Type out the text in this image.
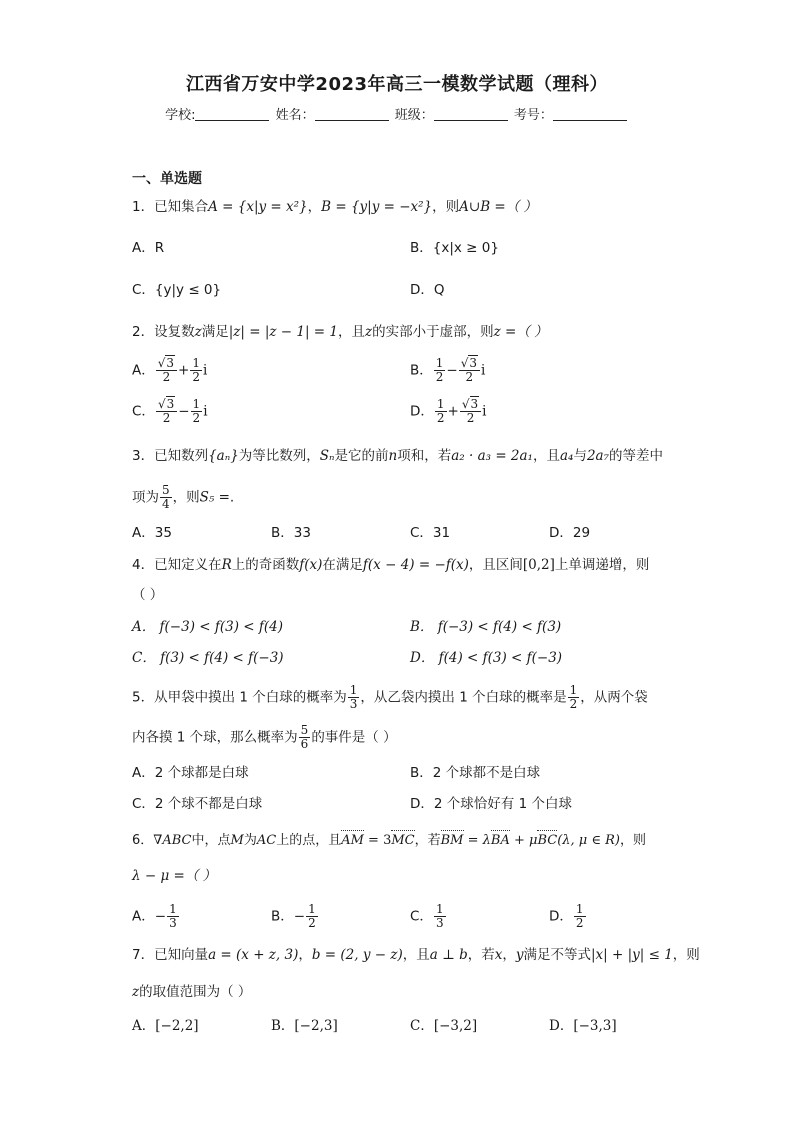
江西省万安中学2023年高三一模数学试题（理科）
学校:	姓名：	班级：	考号：
一、单选题
1．已知集合A = {x|y = x²}，B = {y|y = −x²}，则A∪B =（ ）
A．R	B．{x|x ≥ 0}
C．{y|y ≤ 0}	D．Q
2．设复数z满足|z| = |z − 1| = 1，且z的实部小于虚部，则z =（ ）
A． $\frac{√3}{2} + \frac{1}{2}$ i	B． $\frac{1}{2} - \frac{√3}{2}$ i
C． $\frac{√3}{2} - \frac{1}{2}$ i	D． $\frac{1}{2} + \frac{√3}{2}$ i
3．已知数列{aₙ}为等比数列，Sₙ是它的前n项和，若a₂ · a₃ = 2a₁，且a₄与2a₇的等差中
项为 $\frac{5}{4}$ ，则S₅ =.
A．35	B．33	C．31	D．29
4．已知定义在R上的奇函数f(x)在满足f(x − 4) = −f(x)，且区间[0,2]上单调递增，则
（ ）
A． f(−3) < f(3) < f(4)	B． f(−3) < f(4) < f(3)
C． f(3) < f(4) < f(−3)	D． f(4) < f(3) < f(−3)
5．从甲袋中摸出 1 个白球的概率为 $\frac{1}{3}$ ，从乙袋内摸出 1 个白球的概率是 $\frac{1}{2}$ ，从两个袋
内各摸 1 个球，那么概率为 $\frac{5}{6}$ 的事件是（ ）
A．2 个球都是白球	B．2 个球都不是白球
C．2 个球不都是白球	D．2 个球恰好有 1 个白球
6．∇ABC中，点M为AC上的点，且AM = 3MC，若BM = λBA + μBC(λ, μ ∈ R)，则
λ − μ =（ ）
A．− $\frac{1}{3}$	B．− $\frac{1}{2}$	C． $\frac{1}{3}$	D． $\frac{1}{2}$
7．已知向量a = (x + z, 3)，b = (2, y − z)，且a ⊥ b，若x，y满足不等式|x| + |y| ≤ 1，则
z的取值范围为（ ）
A．[−2,2]	B．[−2,3]	C．[−3,2]	D．[−3,3]
